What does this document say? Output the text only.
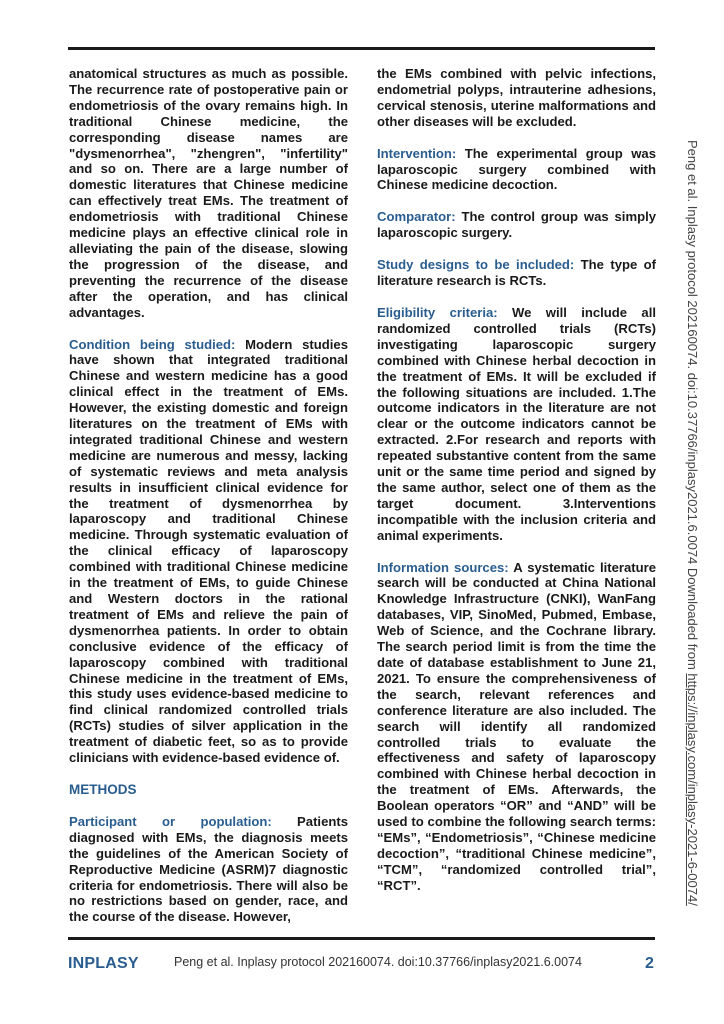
anatomical structures as much as possible. The recurrence rate of postoperative pain or endometriosis of the ovary remains high. In traditional Chinese medicine, the corresponding disease names are "dysmenorrhea", "zhengren", "infertility" and so on. There are a large number of domestic literatures that Chinese medicine can effectively treat EMs. The treatment of endometriosis with traditional Chinese medicine plays an effective clinical role in alleviating the pain of the disease, slowing the progression of the disease, and preventing the recurrence of the disease after the operation, and has clinical advantages.

Condition being studied: Modern studies have shown that integrated traditional Chinese and western medicine has a good clinical effect in the treatment of EMs. However, the existing domestic and foreign literatures on the treatment of EMs with integrated traditional Chinese and western medicine are numerous and messy, lacking of systematic reviews and meta analysis results in insufficient clinical evidence for the treatment of dysmenorrhea by laparoscopy and traditional Chinese medicine. Through systematic evaluation of the clinical efficacy of laparoscopy combined with traditional Chinese medicine in the treatment of EMs, to guide Chinese and Western doctors in the rational treatment of EMs and relieve the pain of dysmenorrhea patients. In order to obtain conclusive evidence of the efficacy of laparoscopy combined with traditional Chinese medicine in the treatment of EMs, this study uses evidence-based medicine to find clinical randomized controlled trials (RCTs) studies of silver application in the treatment of diabetic feet, so as to provide clinicians with evidence-based evidence of.

METHODS

Participant or population: Patients diagnosed with EMs, the diagnosis meets the guidelines of the American Society of Reproductive Medicine (ASRM)7 diagnostic criteria for endometriosis. There will also be no restrictions based on gender, race, and the course of the disease. However,

the EMs combined with pelvic infections, endometrial polyps, intrauterine adhesions, cervical stenosis, uterine malformations and other diseases will be excluded.

Intervention: The experimental group was laparoscopic surgery combined with Chinese medicine decoction.

Comparator: The control group was simply laparoscopic surgery.

Study designs to be included: The type of literature research is RCTs.

Eligibility criteria: We will include all randomized controlled trials (RCTs) investigating laparoscopic surgery combined with Chinese herbal decoction in the treatment of EMs. It will be excluded if the following situations are included. 1.The outcome indicators in the literature are not clear or the outcome indicators cannot be extracted. 2.For research and reports with repeated substantive content from the same unit or the same time period and signed by the same author, select one of them as the target document. 3.Interventions incompatible with the inclusion criteria and animal experiments.

Information sources: A systematic literature search will be conducted at China National Knowledge Infrastructure (CNKI), WanFang databases, VIP, SinoMed, Pubmed, Embase, Web of Science, and the Cochrane library. The search period limit is from the time the date of database establishment to June 21, 2021. To ensure the comprehensiveness of the search, relevant references and conference literature are also included. The search will identify all randomized controlled trials to evaluate the effectiveness and safety of laparoscopy combined with Chinese herbal decoction in the treatment of EMs. Afterwards, the Boolean operators “OR” and “AND” will be used to combine the following search terms: “EMs”, “Endometriosis”, “Chinese medicine decoction”, “traditional Chinese medicine”, “TCM”, “randomized controlled trial”, “RCT”.

Peng et al. Inplasy protocol 202160074. doi:10.37766/inplasy2021.6.0074 Downloaded from https://inplasy.com/inplasy-2021-6-0074/
INPLASY	Peng et al. Inplasy protocol 202160074. doi:10.37766/inplasy2021.6.0074	2
